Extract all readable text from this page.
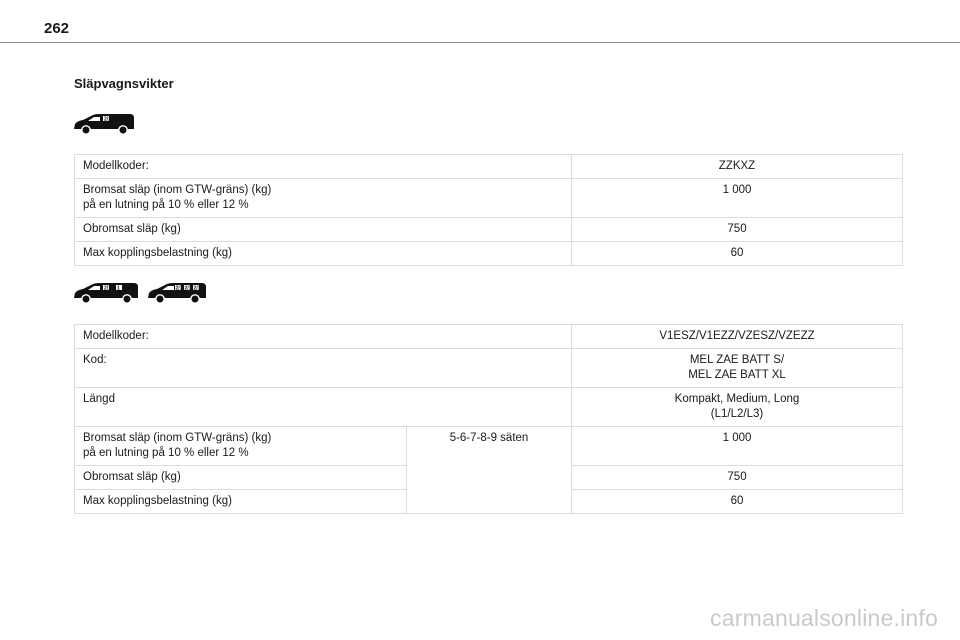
262
Släpvagnsvikter
2/1
Modellkoder:	ZZKXZ

Bromsat släp (inom GTW-gräns) (kg)
på en lutning på 10 % eller 12 %	1 000

Obromsat släp (kg)	750

Max kopplingsbelastning (kg)	60
2/1 1	2/1 2/1 2/1
Modellkoder:		V1ESZ/V1EZZ/VZESZ/VZEZZ
Kod:		MEL ZAE BATT S/
MEL ZAE BATT XL

Längd		Kompakt, Medium, Long
(L1/L2/L3)

Bromsat släp (inom GTW-gräns) (kg)
på en lutning på 10 % eller 12 %	5-6-7-8-9 säten	1 000
Obromsat släp (kg)		750
Max kopplingsbelastning (kg)		60
carmanualsonline.info
